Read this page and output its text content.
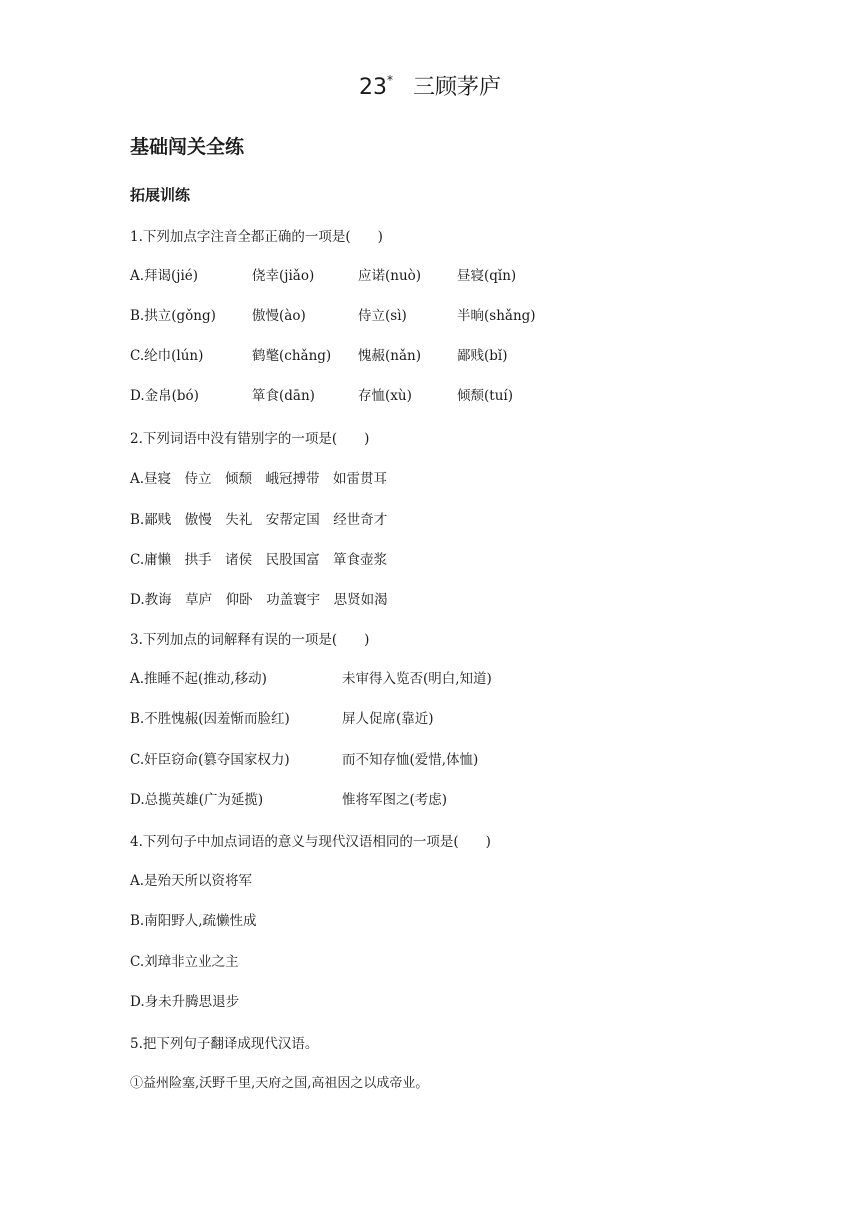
23* 三顾茅庐
基础闯关全练
拓展训练
1.下列加点字注音全都正确的一项是(　　)
A.拜谒(jié)	侥幸(jiǎo)	应诺(nuò)	昼寝(qǐn)
B.拱立(gǒng)	傲慢(ào)	侍立(sì)	半晌(shǎng)
C.纶巾(lún)	鹤氅(chǎng) 愧赧(nǎn)	鄙贱(bǐ)
D.金帛(bó)	箪食(dān)	存恤(xù)	倾颓(tuí)
2.下列词语中没有错别字的一项是(　　)
A.昼寝　侍立　倾颓　峨冠搏带　如雷贯耳
B.鄙贱　傲慢　失礼　安帮定国　经世奇才
C.庸懒　拱手　诸侯　民股国富　箪食壶浆
D.教诲　草庐　仰卧　功盖寰宇　思贤如渴
3.下列加点的词解释有误的一项是(　　)
A.推睡不起(推动,移动)	未审得入览否(明白,知道)
B.不胜愧赧(因羞惭而脸红)	屏人促席(靠近)
C.奸臣窃命(篡夺国家权力)	而不知存恤(爱惜,体恤)
D.总揽英雄(广为延揽)	惟将军图之(考虑)
4.下列句子中加点词语的意义与现代汉语相同的一项是(　　)
A.是殆天所以资将军
B.南阳野人,疏懒性成
C.刘璋非立业之主
D.身未升腾思退步
5.把下列句子翻译成现代汉语。
①益州险塞,沃野千里,天府之国,高祖因之以成帝业。
